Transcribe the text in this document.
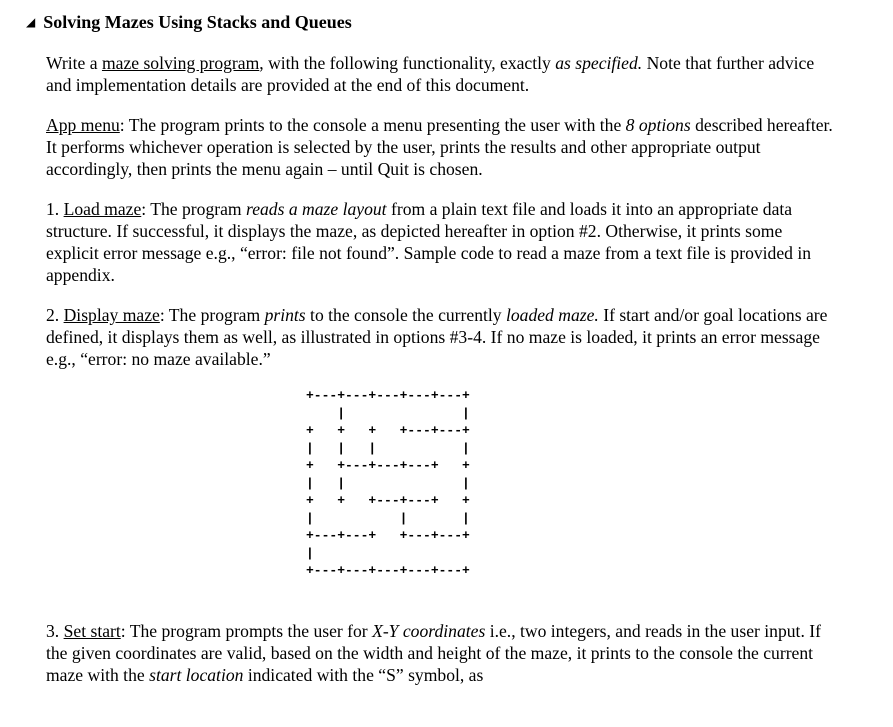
◢ Solving Mazes Using Stacks and Queues
Write a maze solving program, with the following functionality, exactly as specified. Note that further advice and implementation details are provided at the end of this document.
App menu: The program prints to the console a menu presenting the user with the 8 options described hereafter. It performs whichever operation is selected by the user, prints the results and other appropriate output accordingly, then prints the menu again – until Quit is chosen.
1. Load maze: The program reads a maze layout from a plain text file and loads it into an appropriate data structure. If successful, it displays the maze, as depicted hereafter in option #2. Otherwise, it prints some explicit error message e.g., “error: file not found”. Sample code to read a maze from a text file is provided in appendix.
2. Display maze: The program prints to the console the currently loaded maze. If start and/or goal locations are defined, it displays them as well, as illustrated in options #3-4. If no maze is loaded, it prints an error message e.g., “error: no maze available.”
+---+---+---+---+---+
|               |
+   +   +   +---+---+
|   |   |           |
+   +---+---+---+   +
|   |               |
+   +   +---+---+   +
|           |       |
+---+---+   +---+---+
|
+---+---+---+---+---+
3. Set start: The program prompts the user for X-Y coordinates i.e., two integers, and reads in the user input. If the given coordinates are valid, based on the width and height of the maze, it prints to the console the current maze with the start location indicated with the “S” symbol, as
